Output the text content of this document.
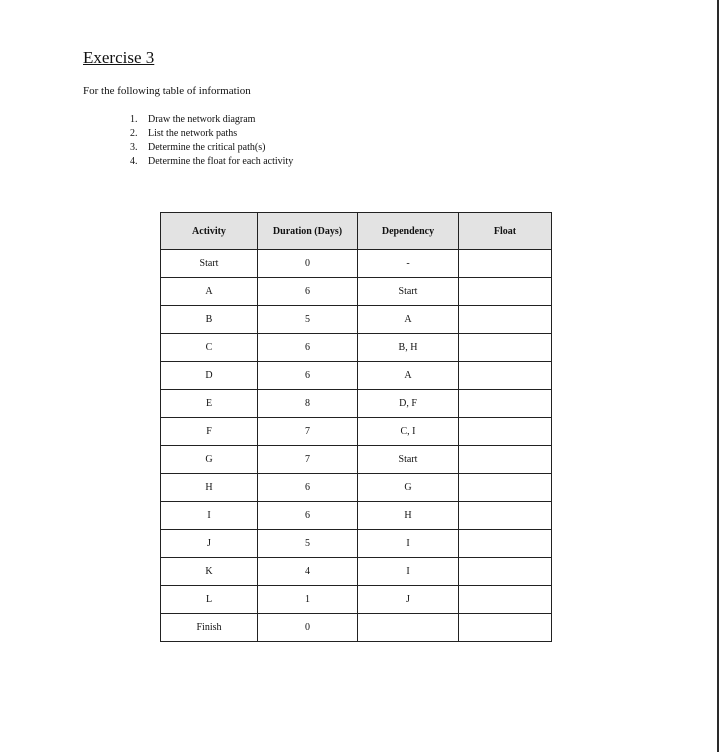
Exercise 3
For the following table of information
1.	Draw the network diagram
2.	List the network paths
3.	Determine the critical path(s)
4.	Determine the float for each activity
Activity	Duration (Days)	Dependency	Float
Start	0	-	
A	6	Start	
B	5	A	
C	6	B, H	
D	6	A	
E	8	D, F	
F	7	C, I	
G	7	Start	
H	6	G	
I	6	H	
J	5	I	
K	4	I	
L	1	J	
Finish	0		
